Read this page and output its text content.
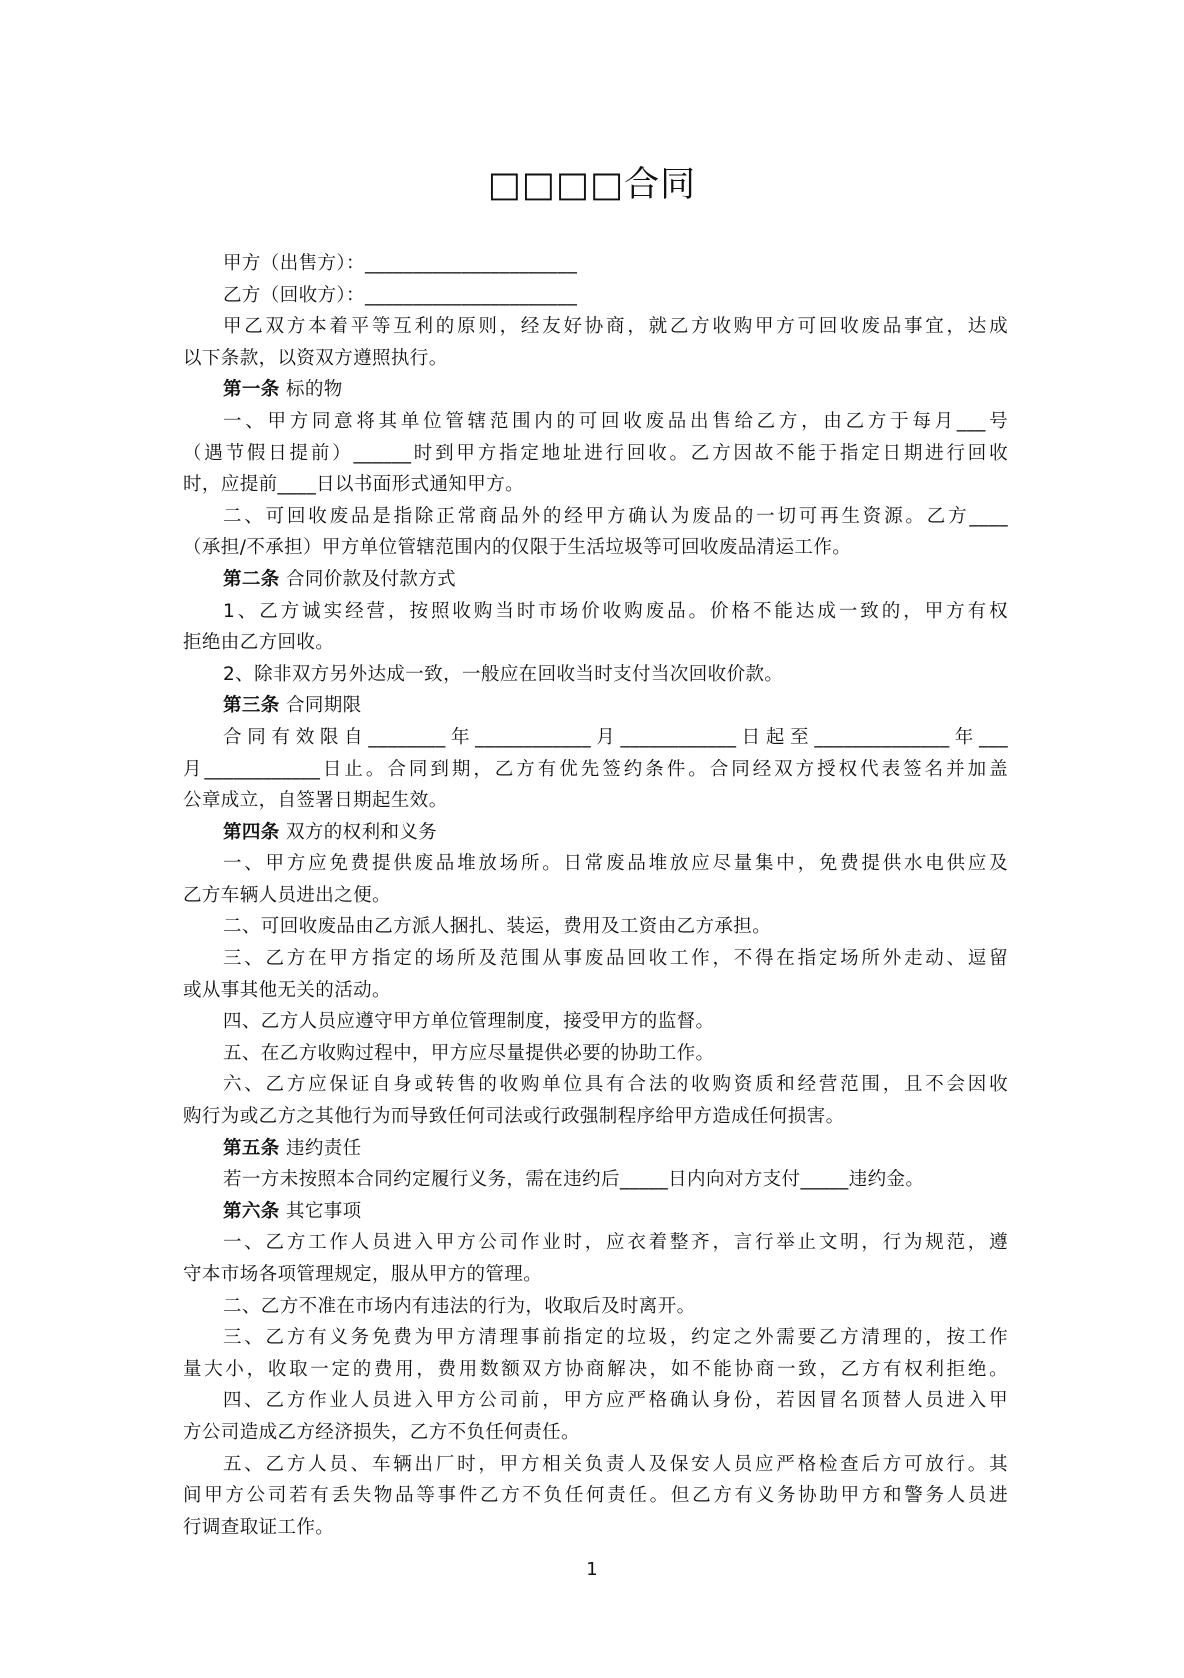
□□□□合同
甲方（出售方）：______________________
乙方（回收方）：______________________
甲乙双方本着平等互利的原则，经友好协商，就乙方收购甲方可回收废品事宜，达成
以下条款，以资双方遵照执行。
第一条 标的物
一、甲方同意将其单位管辖范围内的可回收废品出售给乙方，由乙方于每月___号
（遇节假日提前）______时到甲方指定地址进行回收。乙方因故不能于指定日期进行回收
时，应提前____日以书面形式通知甲方。
二、可回收废品是指除正常商品外的经甲方确认为废品的一切可再生资源。乙方____
（承担/不承担）甲方单位管辖范围内的仅限于生活垃圾等可回收废品清运工作。
第二条 合同价款及付款方式
1、乙方诚实经营，按照收购当时市场价收购废品。价格不能达成一致的，甲方有权
拒绝由乙方回收。
2、除非双方另外达成一致，一般应在回收当时支付当次回收价款。
第三条 合同期限
合同有效限自________年____________月____________日起至______________年___
月____________日止。合同到期，乙方有优先签约条件。合同经双方授权代表签名并加盖
公章成立，自签署日期起生效。
第四条 双方的权利和义务
一、甲方应免费提供废品堆放场所。日常废品堆放应尽量集中，免费提供水电供应及
乙方车辆人员进出之便。
二、可回收废品由乙方派人捆扎、装运，费用及工资由乙方承担。
三、乙方在甲方指定的场所及范围从事废品回收工作，不得在指定场所外走动、逗留
或从事其他无关的活动。
四、乙方人员应遵守甲方单位管理制度，接受甲方的监督。
五、在乙方收购过程中，甲方应尽量提供必要的协助工作。
六、乙方应保证自身或转售的收购单位具有合法的收购资质和经营范围，且不会因收
购行为或乙方之其他行为而导致任何司法或行政强制程序给甲方造成任何损害。
第五条 违约责任
若一方未按照本合同约定履行义务，需在违约后_____日内向对方支付_____违约金。
第六条 其它事项
一、乙方工作人员进入甲方公司作业时，应衣着整齐，言行举止文明，行为规范，遵
守本市场各项管理规定，服从甲方的管理。
二、乙方不准在市场内有违法的行为，收取后及时离开。
三、乙方有义务免费为甲方清理事前指定的垃圾，约定之外需要乙方清理的，按工作
量大小，收取一定的费用，费用数额双方协商解决，如不能协商一致，乙方有权利拒绝。
四、乙方作业人员进入甲方公司前，甲方应严格确认身份，若因冒名顶替人员进入甲
方公司造成乙方经济损失，乙方不负任何责任。
五、乙方人员、车辆出厂时，甲方相关负责人及保安人员应严格检查后方可放行。其
间甲方公司若有丢失物品等事件乙方不负任何责任。但乙方有义务协助甲方和警务人员进
行调查取证工作。
1
